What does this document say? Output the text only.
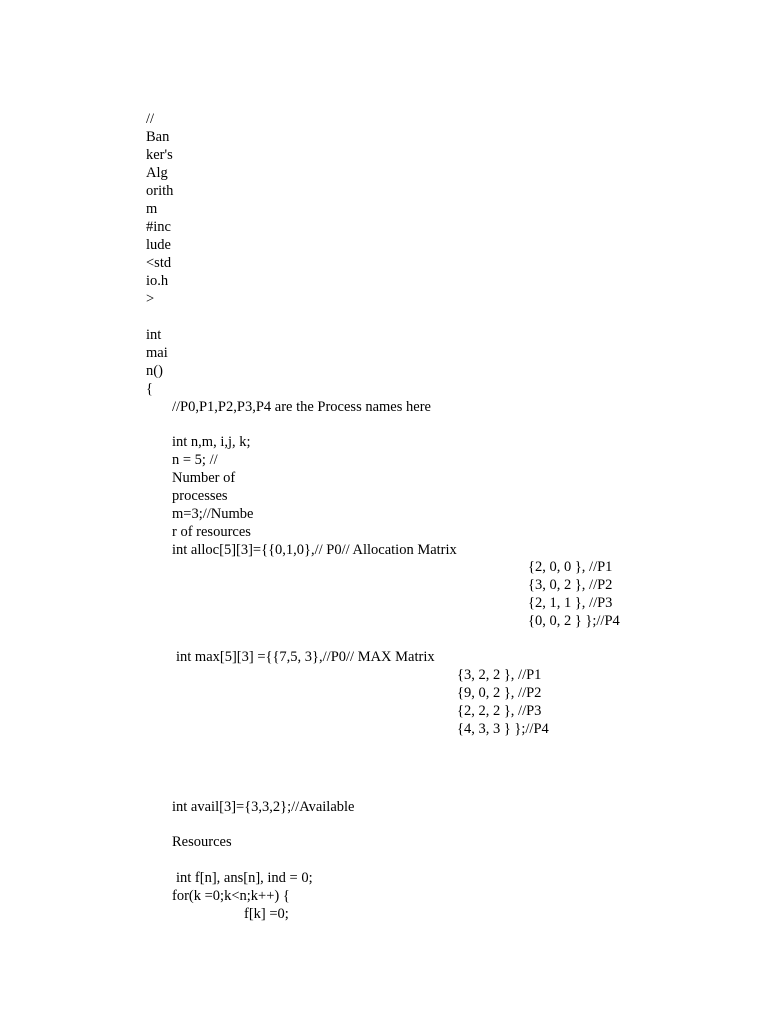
//
Ban
ker's
Alg
orith
m
#inc
lude
<std
io.h
>
int
mai
n()
{
//P0,P1,P2,P3,P4 are the Process names here
int n,m, i,j, k;
n = 5; //
Number of
processes
m=3;//Numbe
r of resources
int alloc[5][3]={{0,1,0},// P0// Allocation Matrix
{2, 0, 0 }, //P1
{3, 0, 2 }, //P2
{2, 1, 1 }, //P3
{0, 0, 2 } };//P4
int max[5][3] ={{7,5, 3},//P0// MAX Matrix
{3, 2, 2 }, //P1
{9, 0, 2 }, //P2
{2, 2, 2 }, //P3
{4, 3, 3 } };//P4
int avail[3]={3,3,2};//Available
Resources
int f[n], ans[n], ind = 0;
for(k =0;k<n;k++) {
f[k] =0;
